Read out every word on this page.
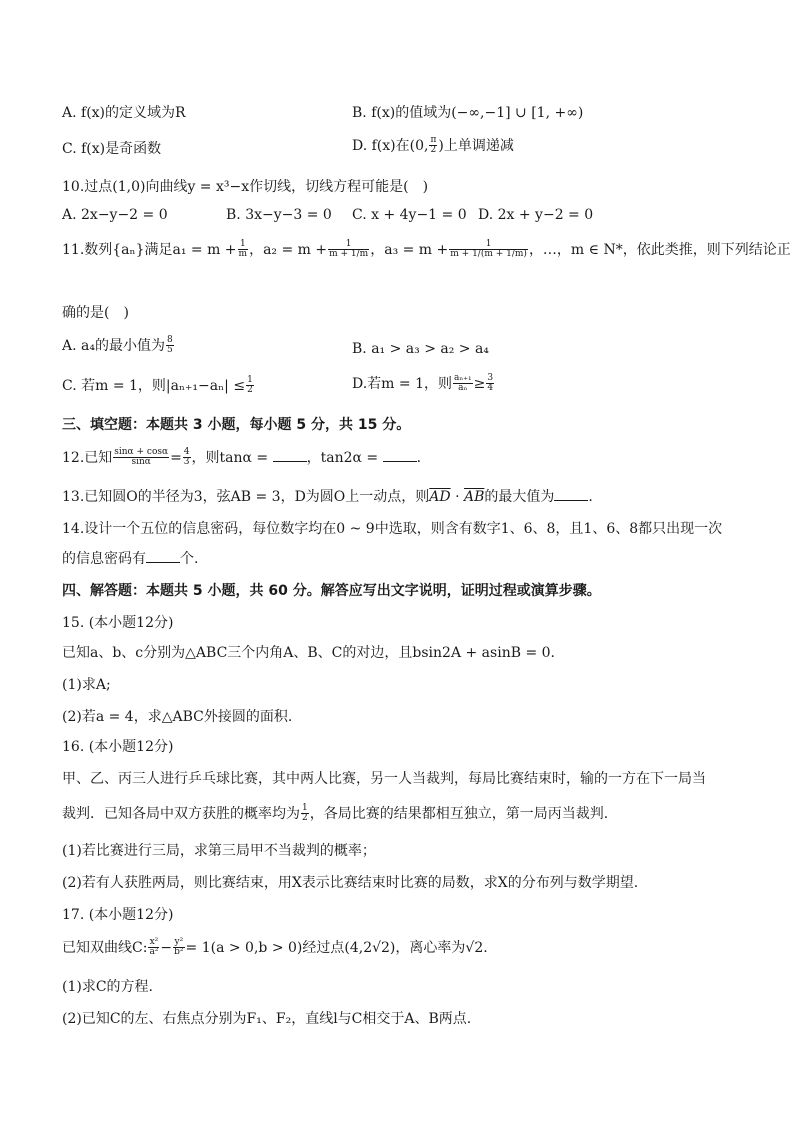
A. f(x)的定义域为R	B. f(x)的值域为(−∞,−1] ∪ [1, +∞)
C. f(x)是奇函数	D. f(x)在(0, $\frac{\pi}{2}$ )上单调递减
10.过点(1,0)向曲线y = x³−x作切线，切线方程可能是(　)
A. 2x−y−2 = 0	B. 3x−y−3 = 0 C. x + 4y−1 = 0 D. 2x + y−2 = 0
11.数列{aₙ}满足$a_1 = m + \frac{1}{m}$ ，$a_2 = m + \frac{1}{m + 1/m}$ ，$a_3 = m + \frac{1}{m + 1/(m + 1/m)}$ ，…，m ∈ N*，依此类推，则下列结论正
确的是(　)
A. a₄的最小值为 $\frac{8}{5}$	B. a₁ > a₃ > a₂ > a₄
C. 若m = 1，则$|a_{n+1}-a_n| \le \frac{1}{2}$	D.若m = 1，则 $\frac{\text{aₙ₊₁}}{\text{aₙ}} \ge \frac{3}{4}$
三、填空题：本题共 3 小题，每小题 5 分，共 15 分。
12.已知 $\frac{\sin\alpha + \cos\alpha}{\sin\alpha} = \frac{4}{3}$ ，则tanα = ，tan2α = .
13.已知圆O的半径为3，弦AB = 3，D为圆O上一动点，则$\overline{AD} \cdot \overline{AB}$的最大值为 .
14.设计一个五位的信息密码，每位数字均在0 ~ 9中选取，则含有数字1、6、8，且1、6、8都只出现一次
的信息密码有 个.
四、解答题：本题共 5 小题，共 60 分。解答应写出文字说明，证明过程或演算步骤。
15. (本小题12分)
已知a、b、c分别为△ABC三个内角A、B、C的对边，且bsin2A + asinB = 0.
(1)求A;
(2)若a = 4，求△ABC外接圆的面积.
16. (本小题12分)
甲、乙、丙三人进行乒乓球比赛，其中两人比赛，另一人当裁判，每局比赛结束时，输的一方在下一局当
裁判．已知各局中双方获胜的概率均为 $\frac{1}{2}$ ，各局比赛的结果都相互独立，第一局丙当裁判.
(1)若比赛进行三局，求第三局甲不当裁判的概率；
(2)若有人获胜两局，则比赛结束，用X表示比赛结束时比赛的局数，求X的分布列与数学期望.
17. (本小题12分)
已知双曲线C: $\frac{\text{x²}}{\text{a²}} - \frac{\text{y²}}{\text{b²}} = 1(a > 0,b > 0)$经过点(4,2√2)，离心率为√2.
(1)求C的方程.
(2)已知C的左、右焦点分别为F₁、F₂，直线l与C相交于A、B两点.
